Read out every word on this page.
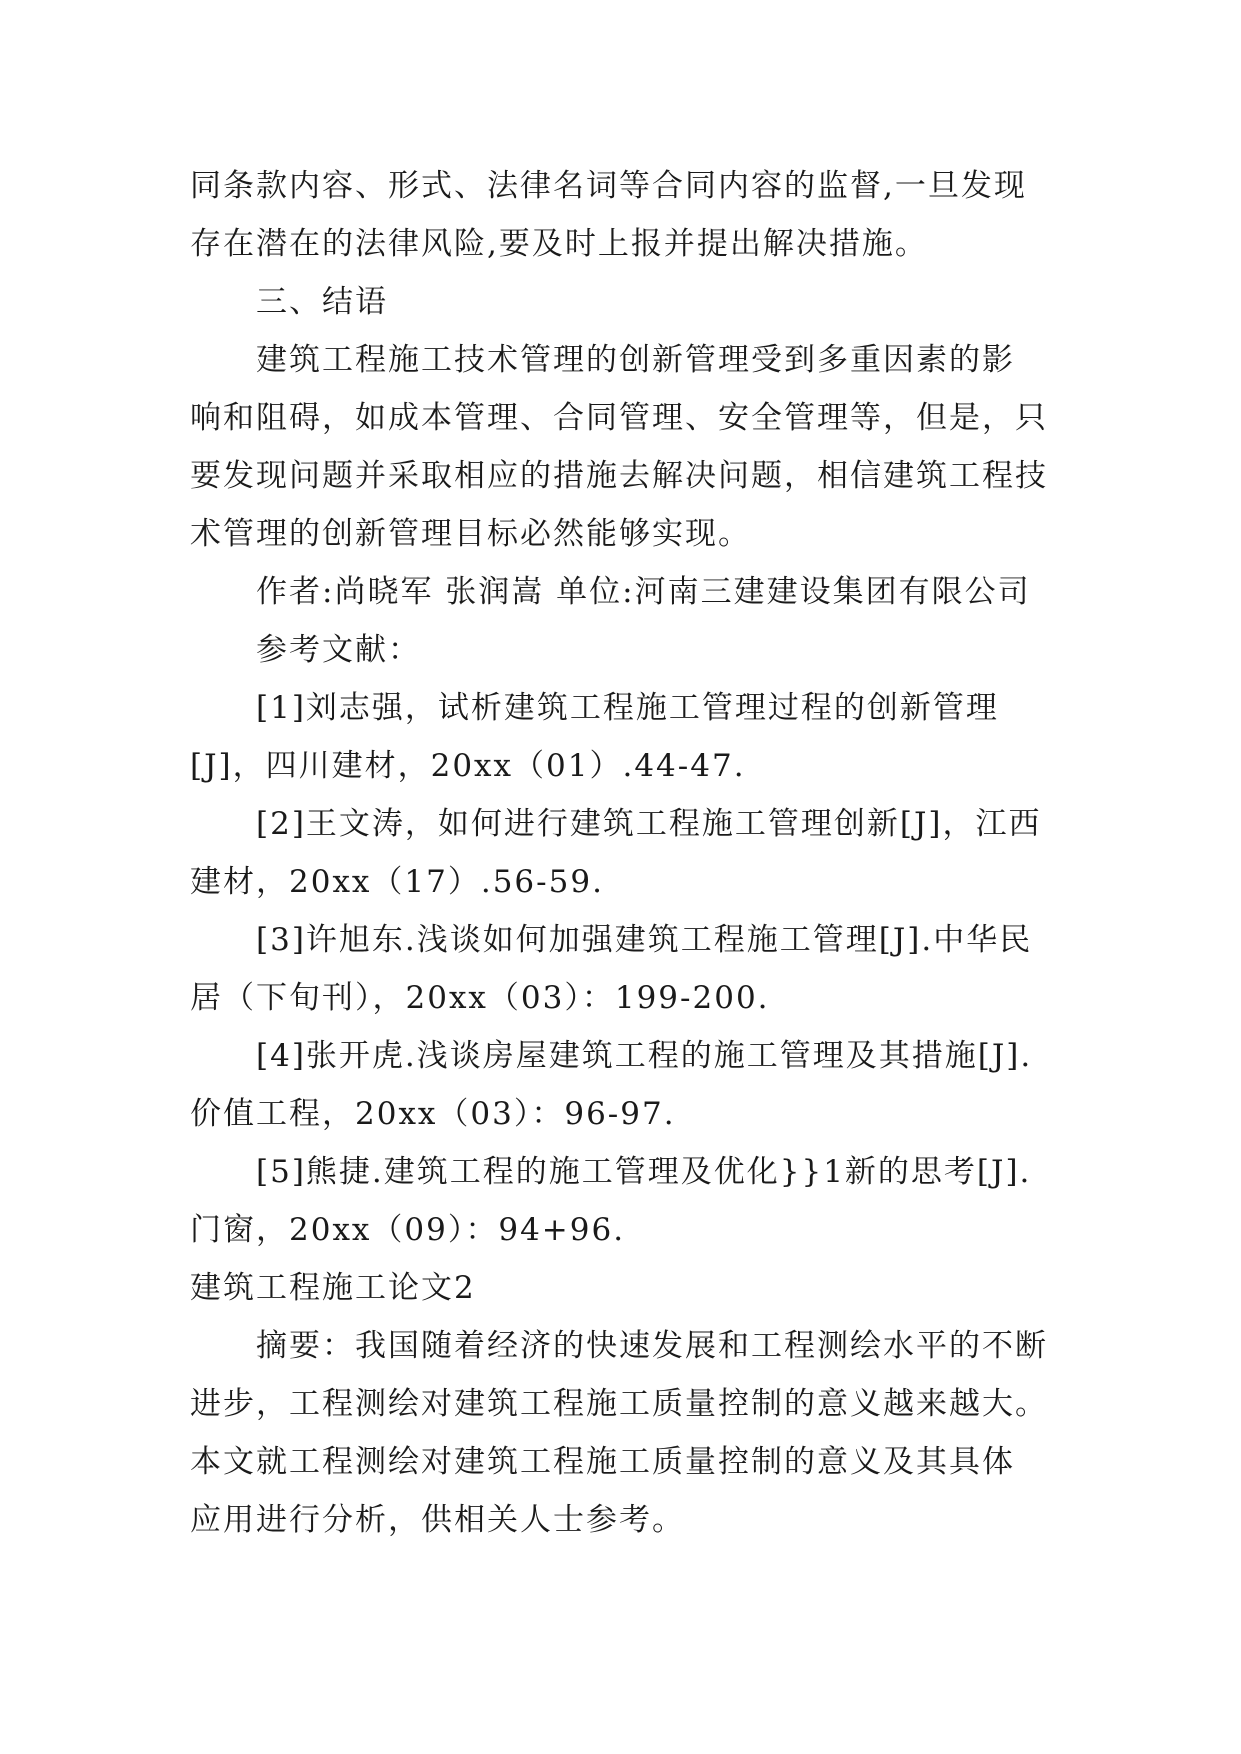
同条款内容、形式、法律名词等合同内容的监督,一旦发现
存在潜在的法律风险,要及时上报并提出解决措施。
三、结语
建筑工程施工技术管理的创新管理受到多重因素的影
响和阻碍，如成本管理、合同管理、安全管理等，但是，只
要发现问题并采取相应的措施去解决问题，相信建筑工程技
术管理的创新管理目标必然能够实现。
作者:尚晓军 张润嵩 单位:河南三建建设集团有限公司
参考文献：
[1]刘志强，试析建筑工程施工管理过程的创新管理
[J]，四川建材，20xx（01）.44-47.
[2]王文涛，如何进行建筑工程施工管理创新[J]，江西
建材，20xx（17）.56-59.
[3]许旭东.浅谈如何加强建筑工程施工管理[J].中华民
居（下旬刊），20xx（03）：199-200.
[4]张开虎.浅谈房屋建筑工程的施工管理及其措施[J].
价值工程，20xx（03）：96-97.
[5]熊捷.建筑工程的施工管理及优化}}1新的思考[J].
门窗，20xx（09）：94+96.
建筑工程施工论文2
摘要：我国随着经济的快速发展和工程测绘水平的不断
进步，工程测绘对建筑工程施工质量控制的意义越来越大。
本文就工程测绘对建筑工程施工质量控制的意义及其具体
应用进行分析，供相关人士参考。
